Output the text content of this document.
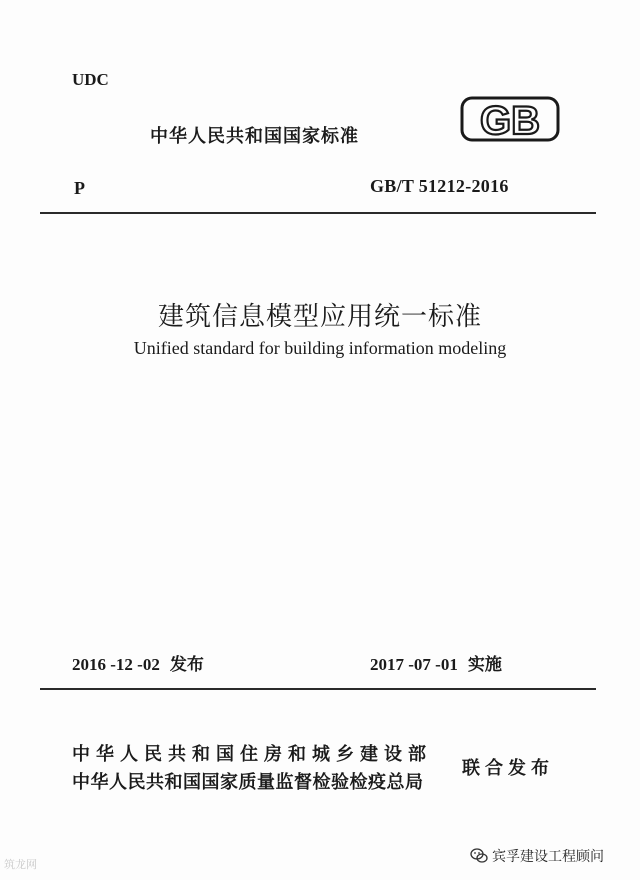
UDC
中华人民共和国国家标准	GB
P	GB/T 51212-2016
建筑信息模型应用统一标准
Unified standard for building information modeling
2016 -12 -02 发布	2017 -07 -01 实施
中华人民共和国住房和城乡建设部
中华人民共和国国家质量监督检验检疫总局
联合发布
筑龙网	宾孚建设工程顾问
